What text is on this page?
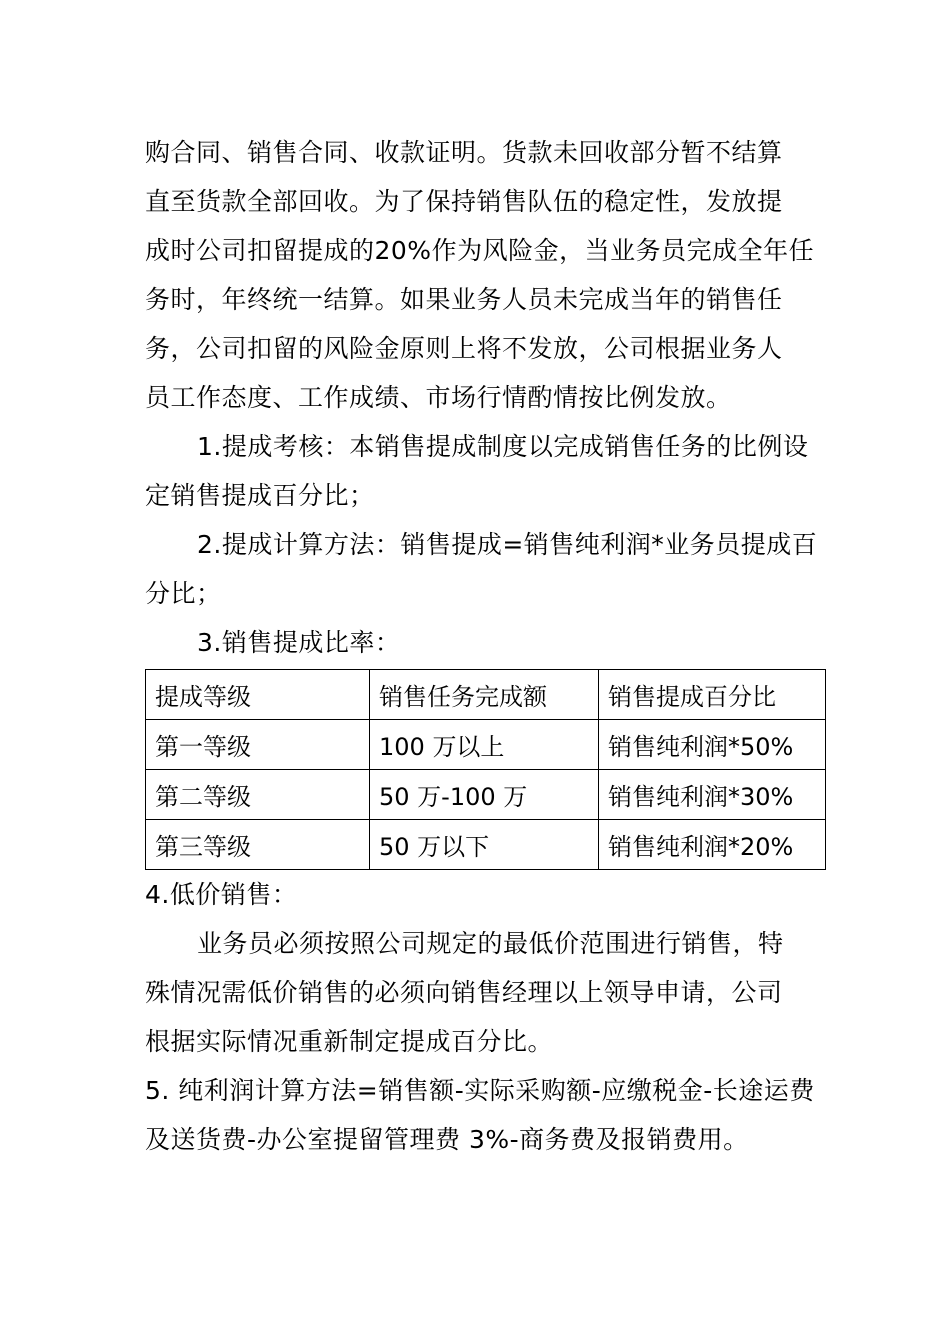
购合同、销售合同、收款证明。货款未回收部分暂不结算

直至货款全部回收。为了保持销售队伍的稳定性，发放提

成时公司扣留提成的20%作为风险金，当业务员完成全年任

务时，年终统一结算。如果业务人员未完成当年的销售任

务，公司扣留的风险金原则上将不发放，公司根据业务人

员工作态度、工作成绩、市场行情酌情按比例发放。

1.提成考核：本销售提成制度以完成销售任务的比例设

定销售提成百分比；

2.提成计算方法：销售提成=销售纯利润*业务员提成百

分比；

3.销售提成比率：

提成等级	销售任务完成额	销售提成百分比
第一等级	100 万以上	销售纯利润*50%
第二等级	50 万-100 万	销售纯利润*30%
第三等级	50 万以下	销售纯利润*20%

4.低价销售：

业务员必须按照公司规定的最低价范围进行销售，特

殊情况需低价销售的必须向销售经理以上领导申请，公司

根据实际情况重新制定提成百分比。

5. 纯利润计算方法=销售额-实际采购额-应缴税金-长途运费

及送货费-办公室提留管理费 3%-商务费及报销费用。
